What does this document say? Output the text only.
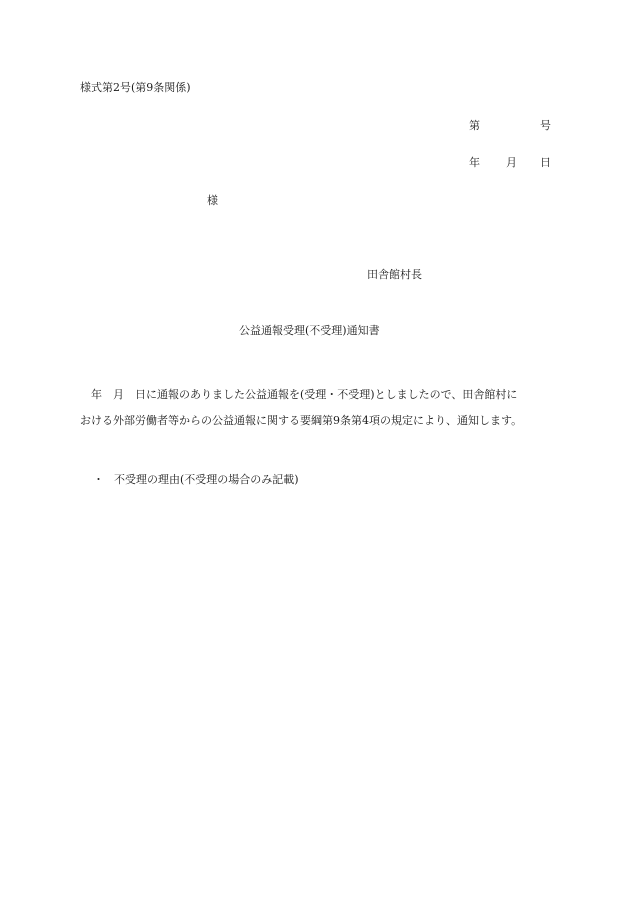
様式第2号(第9条関係)
第	号
年 月 日
様
田舎館村長
公益通報受理(不受理)通知書
年　月　日に通報のありました公益通報を(受理・不受理)としましたので、田舎館村に
おける外部労働者等からの公益通報に関する要綱第9条第4項の規定により、通知します。
・ 不受理の理由(不受理の場合のみ記載)
